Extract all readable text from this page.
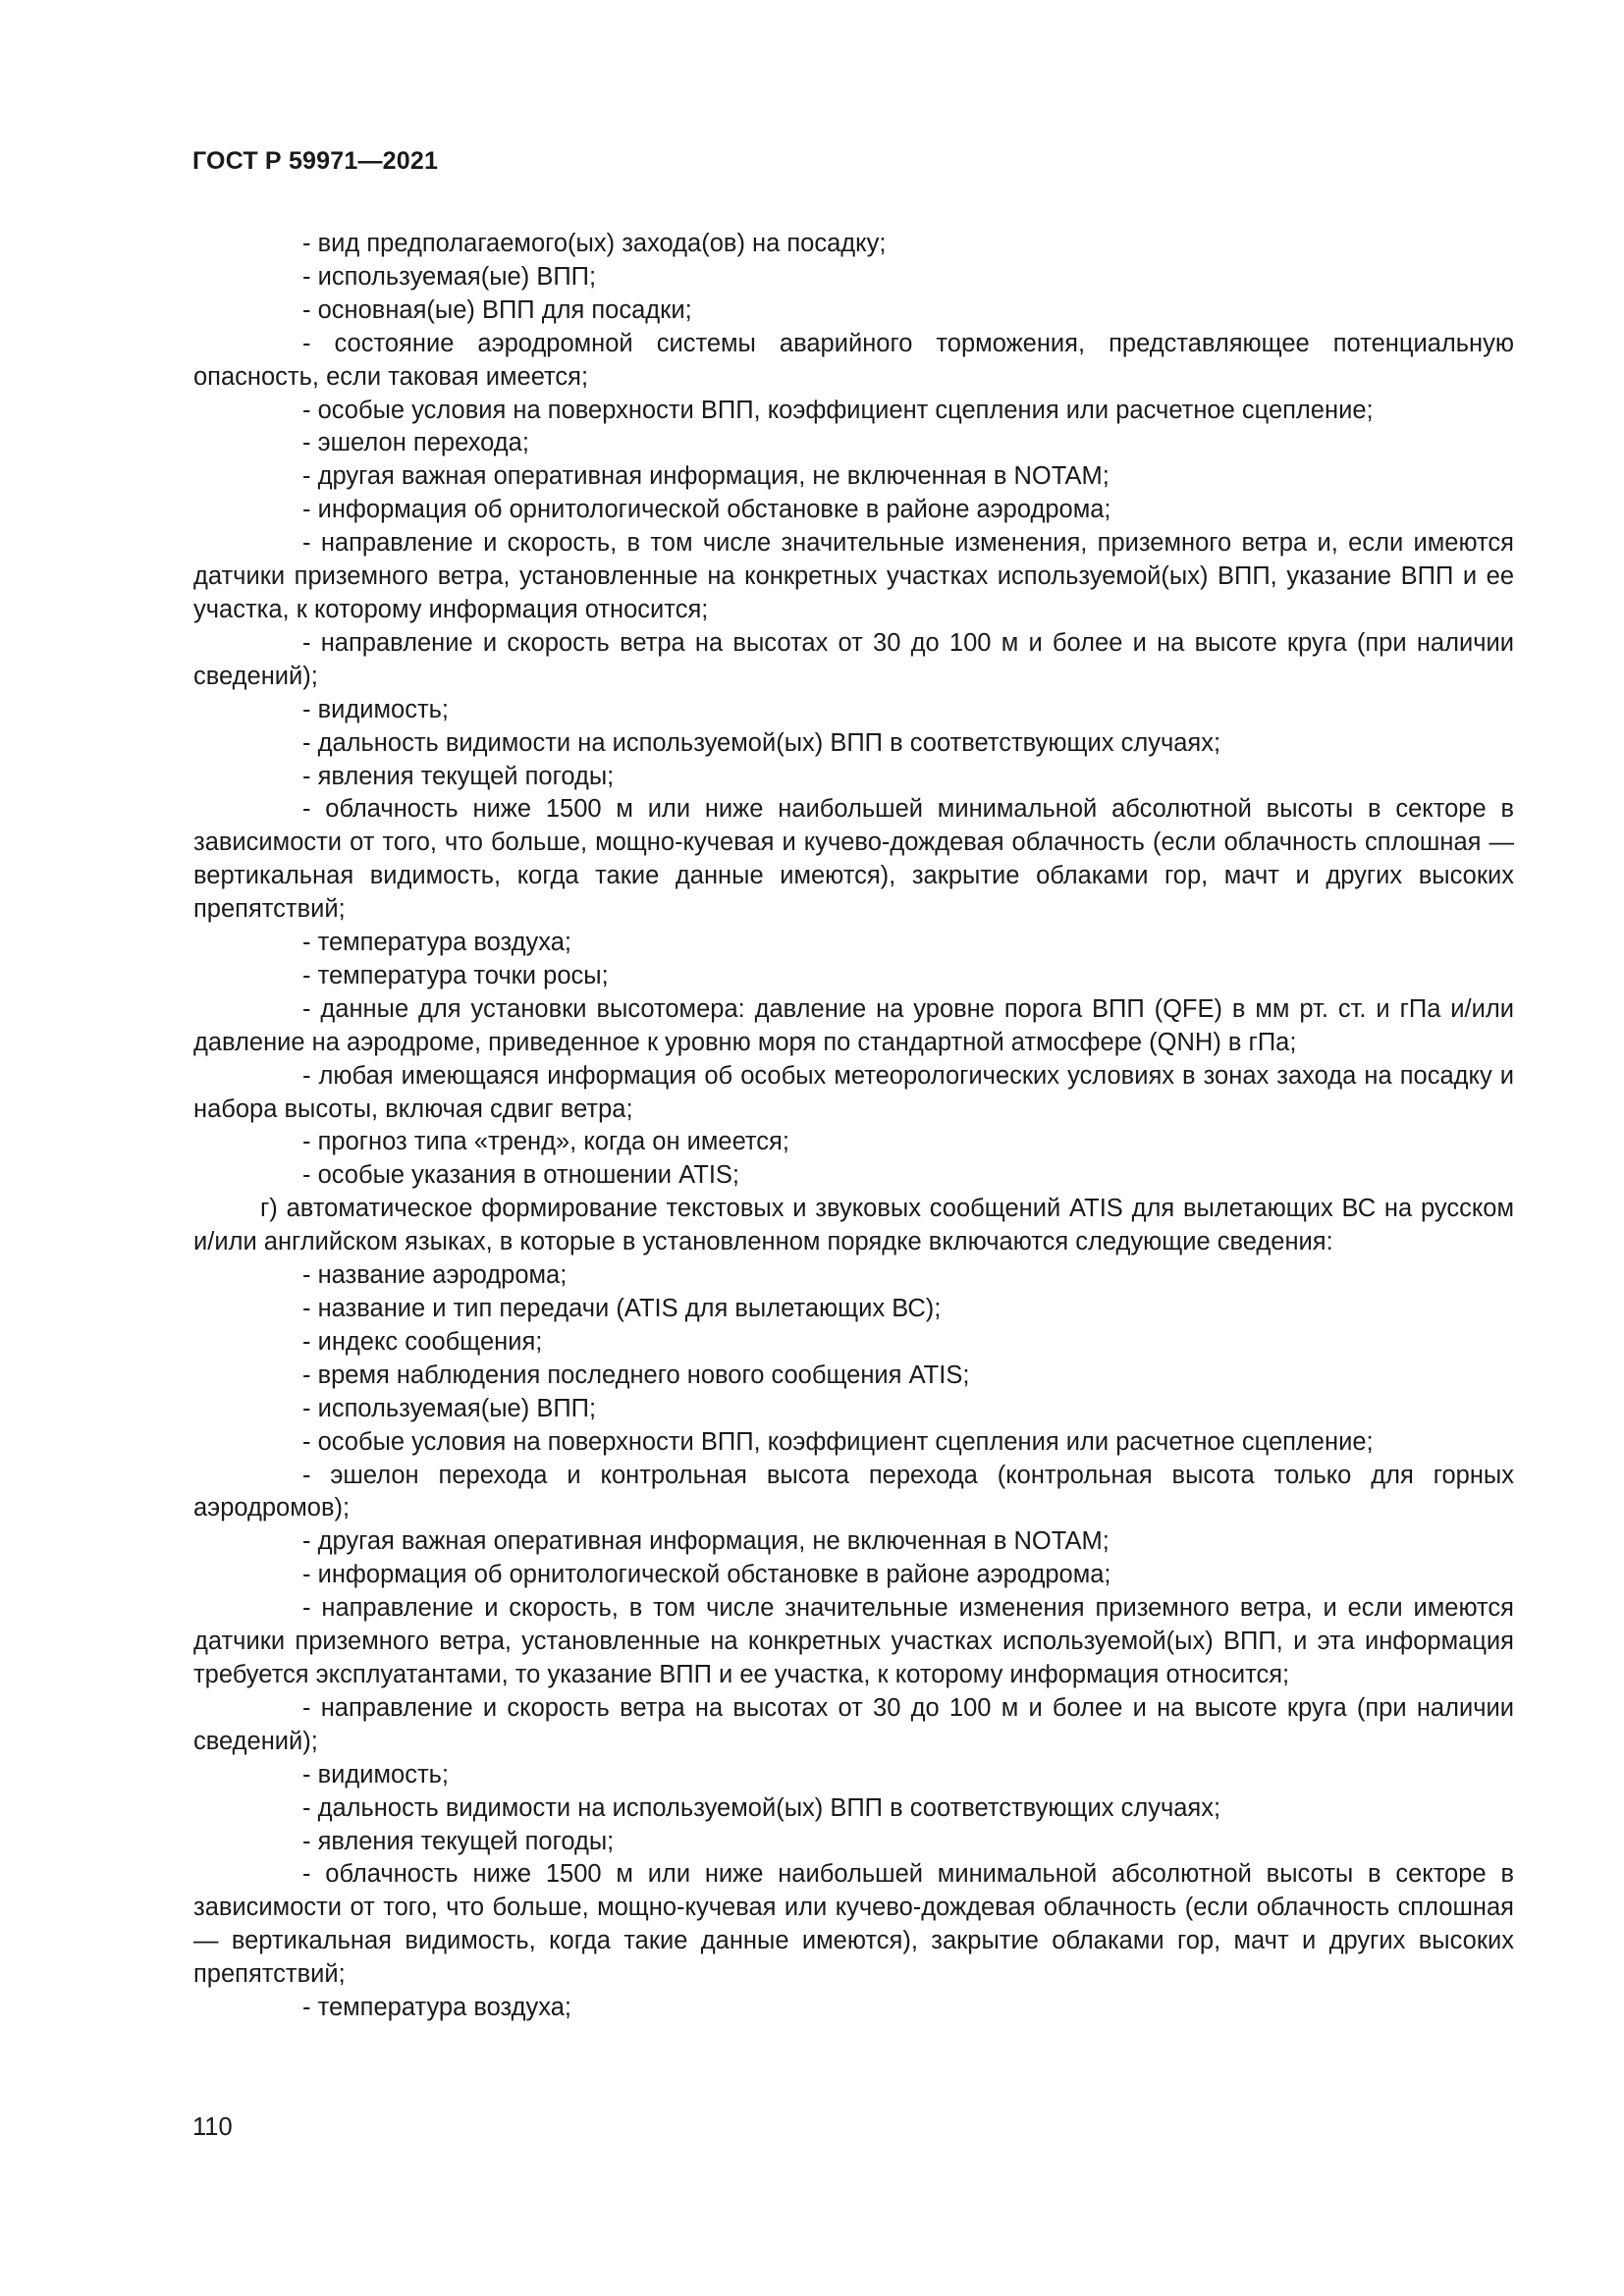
ГОСТ Р 59971—2021

- вид предполагаемого(ых) захода(ов) на посадку;

- используемая(ые) ВПП;

- основная(ые) ВПП для посадки;

- состояние аэродромной системы аварийного торможения, представляющее потенциальную опасность, если таковая имеется;

- особые условия на поверхности ВПП, коэффициент сцепления или расчетное сцепление;

- эшелон перехода;

- другая важная оперативная информация, не включенная в NOTAM;

- информация об орнитологической обстановке в районе аэродрома;

- направление и скорость, в том числе значительные изменения, приземного ветра и, если имеются датчики приземного ветра, установленные на конкретных участках используемой(ых) ВПП, указание ВПП и ее участка, к которому информация относится;

- направление и скорость ветра на высотах от 30 до 100 м и более и на высоте круга (при наличии сведений);

- видимость;

- дальность видимости на используемой(ых) ВПП в соответствующих случаях;

- явления текущей погоды;

- облачность ниже 1500 м или ниже наибольшей минимальной абсолютной высоты в секторе в зависимости от того, что больше, мощно-кучевая и кучево-дождевая облачность (если облачность сплошная — вертикальная видимость, когда такие данные имеются), закрытие облаками гор, мачт и других высоких препятствий;

- температура воздуха;

- температура точки росы;

- данные для установки высотомера: давление на уровне порога ВПП (QFE) в мм рт. ст. и гПа и/или давление на аэродроме, приведенное к уровню моря по стандартной атмосфере (QNH) в гПа;

- любая имеющаяся информация об особых метеорологических условиях в зонах захода на посадку и набора высоты, включая сдвиг ветра;

- прогноз типа «тренд», когда он имеется;

- особые указания в отношении ATIS;

г) автоматическое формирование текстовых и звуковых сообщений ATIS для вылетающих ВС на русском и/или английском языках, в которые в установленном порядке включаются следующие сведения:

- название аэродрома;

- название и тип передачи (ATIS для вылетающих ВС);

- индекс сообщения;

- время наблюдения последнего нового сообщения ATIS;

- используемая(ые) ВПП;

- особые условия на поверхности ВПП, коэффициент сцепления или расчетное сцепление;

- эшелон перехода и контрольная высота перехода (контрольная высота только для горных аэродромов);

- другая важная оперативная информация, не включенная в NOTAM;

- информация об орнитологической обстановке в районе аэродрома;

- направление и скорость, в том числе значительные изменения приземного ветра, и если имеются датчики приземного ветра, установленные на конкретных участках используемой(ых) ВПП, и эта информация требуется эксплуатантами, то указание ВПП и ее участка, к которому информация относится;

- направление и скорость ветра на высотах от 30 до 100 м и более и на высоте круга (при наличии сведений);

- видимость;

- дальность видимости на используемой(ых) ВПП в соответствующих случаях;

- явления текущей погоды;

- облачность ниже 1500 м или ниже наибольшей минимальной абсолютной высоты в секторе в зависимости от того, что больше, мощно-кучевая или кучево-дождевая облачность (если облачность сплошная — вертикальная видимость, когда такие данные имеются), закрытие облаками гор, мачт и других высоких препятствий;

- температура воздуха;

110
